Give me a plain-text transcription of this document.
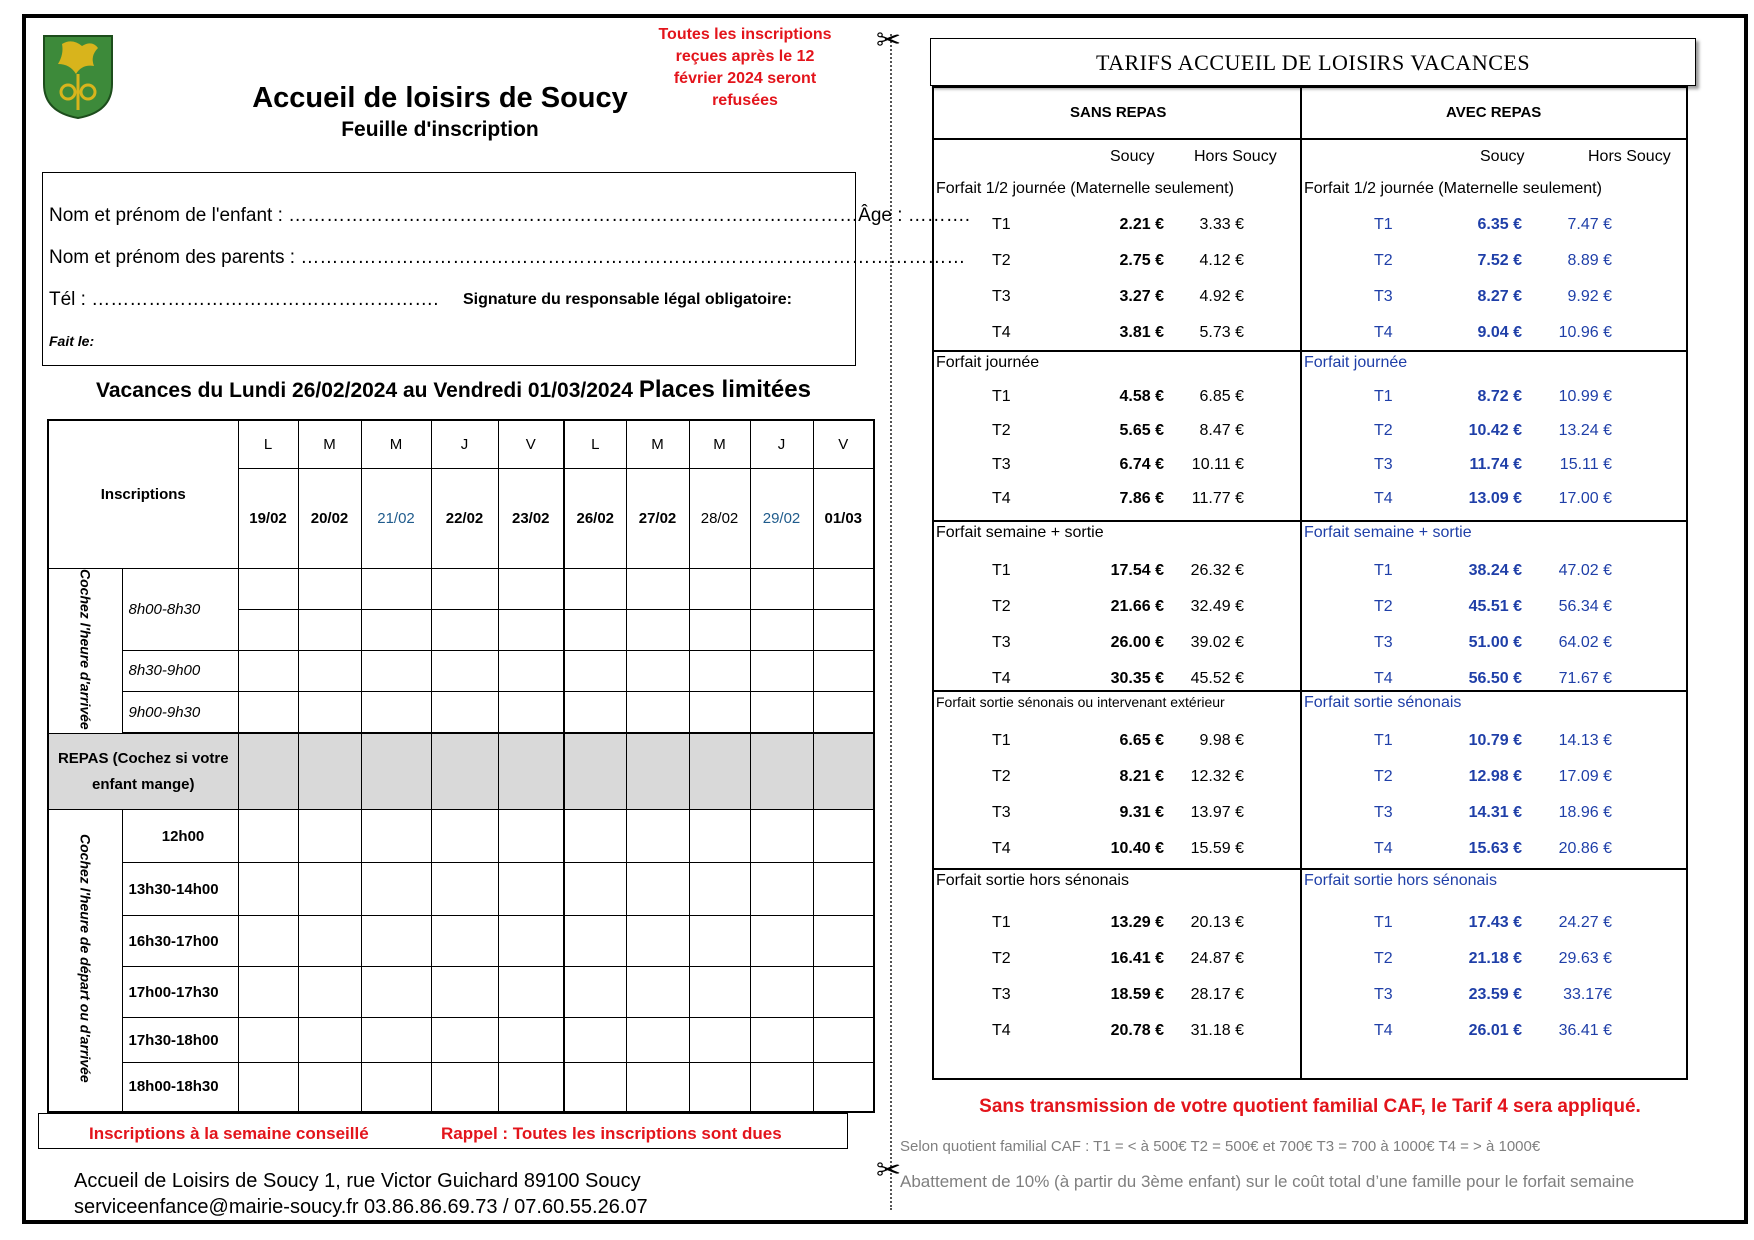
✂
✂
Accueil de loisirs de Soucy
Feuille d'inscription
Toutes les inscriptions
reçues après le 12
février 2024 seront
refusées
Nom et prénom de l'enfant : ………………………………………………………………………………Âge : ……….
Nom et prénom des parents : ……………………………………………………………………………………………
Tél : ………………………………………………. Signature du responsable légal obligatoire:
Fait le:
Vacances du Lundi 26/02/2024 au Vendredi 01/03/2024 Places limitées
Inscriptions		L	M	M	J	V	L	M	M	J	V
		19/02	20/02	21/02	22/02	23/02	26/02	27/02	28/02	29/02	01/03
Cochez l'heure d'arrivée	8h00-8h30										

	8h30-9h00										
	9h00-9h30										

REPAS (Cochez si votre enfant mange)											
Cochez l'heure de départ ou d'arrivée	12h00										
	13h30-14h00										
	16h30-17h00										
	17h00-17h30										
	17h30-18h00										
	18h00-18h30										
Inscriptions à la semaine conseillé	Rappel : Toutes les inscriptions sont dues
Accueil de Loisirs de Soucy 1, rue Victor Guichard 89100 Soucy
serviceenfance@mairie-soucy.fr 03.86.86.69.73 / 07.60.55.26.07
TARIFS ACCUEIL DE LOISIRS VACANCES
SANS REPAS	AVEC REPAS
Soucy Hors Soucy	Soucy	Hors Soucy
Forfait 1/2 journée (Maternelle seulement)	Forfait 1/2 journée (Maternelle seulement)
T1	2.21 €	3.33 €	T1	6.35 €	7.47 €
T2	2.75 €	4.12 €	T2	7.52 €	8.89 €
T3	3.27 €	4.92 €	T3	8.27 €	9.92 €
T4	3.81 €	5.73 €	T4	9.04 €	10.96 €
Forfait journée	Forfait journée
T1	4.58 €	6.85 €	T1	8.72 €	10.99 €
T2	5.65 €	8.47 €	T2	10.42 €	13.24 €
T3	6.74 €	10.11 €	T3	11.74 €	15.11 €
T4	7.86 €	11.77 €	T4	13.09 €	17.00 €
Forfait semaine + sortie	Forfait semaine + sortie
T1	17.54 €	26.32 €	T1	38.24 €	47.02 €
T2	21.66 €	32.49 €	T2	45.51 €	56.34 €
T3	26.00 €	39.02 €	T3	51.00 €	64.02 €
T4	30.35 €	45.52 €	T4	56.50 €	71.67 €
Forfait sortie sénonais ou intervenant extérieur	Forfait sortie sénonais
T1	6.65 €	9.98 €	T1	10.79 €	14.13 €
T2	8.21 €	12.32 €	T2	12.98 €	17.09 €
T3	9.31 €	13.97 €	T3	14.31 €	18.96 €
T4	10.40 €	15.59 €	T4	15.63 €	20.86 €
Forfait sortie hors sénonais	Forfait sortie hors sénonais
T1	13.29 €	20.13 €	T1	17.43 €	24.27 €
T2	16.41 €	24.87 €	T2	21.18 €	29.63 €
T3	18.59 €	28.17 €	T3	23.59 €	33.17€
T4	20.78 €	31.18 €	T4	26.01 €	36.41 €
Sans transmission de votre quotient familial CAF, le Tarif 4 sera appliqué.
Selon quotient familial CAF : T1 = < à 500€ T2 = 500€ et 700€ T3 = 700 à 1000€ T4 = > à 1000€
Abattement de 10% (à partir du 3ème enfant) sur le coût total d’une famille pour le forfait semaine
